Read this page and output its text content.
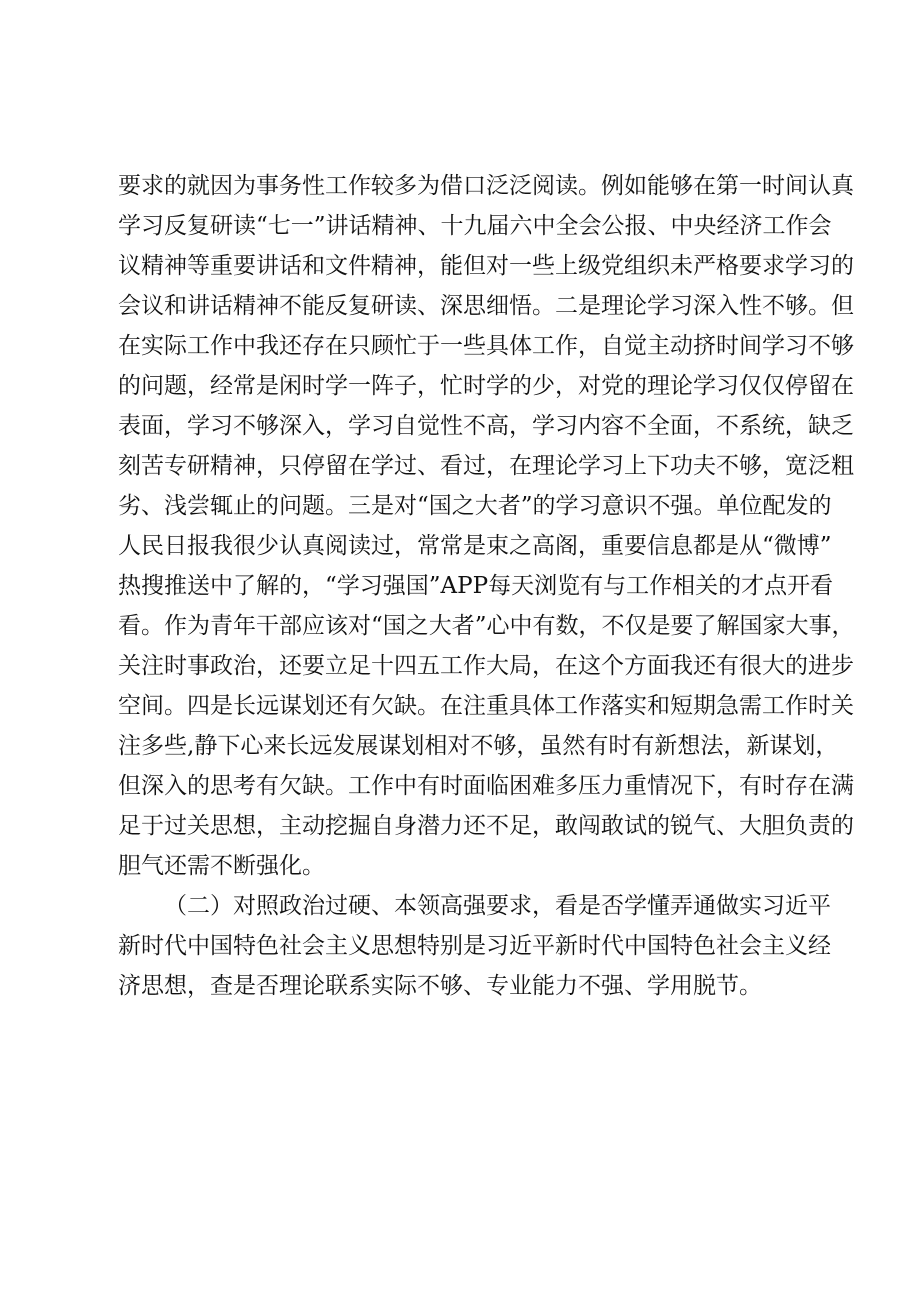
要 求 的 就 因 为 事 务 性 工 作 较 多 为 借 口 泛 泛 阅 读 。 例 如 能 够 在 第 一 时 间 认 真
学 习 反 复 研 读 “ 七 一 ” 讲 话 精 神 、 十 九 届 六 中 全 会 公 报 、 中 央 经 济 工 作 会
议 精 神 等 重 要 讲 话 和 文 件 精 神 ， 能 但 对 一 些 上 级 党 组 织 未 严 格 要 求 学 习 的
会 议 和 讲 话 精 神 不 能 反 复 研 读 、 深 思 细 悟 。 二 是 理 论 学 习 深 入 性 不 够 。 但
在 实 际 工 作 中 我 还 存 在 只 顾 忙 于 一 些 具 体 工 作 ， 自 觉 主 动 挤 时 间 学 习 不 够
的 问 题 ， 经 常 是 闲 时 学 一 阵 子 ， 忙 时 学 的 少 ， 对 党 的 理 论 学 习 仅 仅 停 留 在
表 面 ， 学 习 不 够 深 入 ， 学 习 自 觉 性 不 高 ， 学 习 内 容 不 全 面 ， 不 系 统 ， 缺 乏
刻 苦 专 研 精 神 ， 只 停 留 在 学 过 、 看 过 ， 在 理 论 学 习 上 下 功 夫 不 够 ， 宽 泛 粗
劣 、 浅 尝 辄 止 的 问 题 。 三 是 对 “ 国 之 大 者 ” 的 学 习 意 识 不 强 。 单 位 配 发 的
人 民 日 报 我 很 少 认 真 阅 读 过 ， 常 常 是 束 之 高 阁 ， 重 要 信 息 都 是 从 “ 微 博 ”
热 搜 推 送 中 了 解 的 ， “ 学 习 强 国 ” A P P 每 天 浏 览 有 与 工 作 相 关 的 才 点 开 看
看 。 作 为 青 年 干 部 应 该 对 “ 国 之 大 者 ” 心 中 有 数 ， 不 仅 是 要 了 解 国 家 大 事 ，
关 注 时 事 政 治 ， 还 要 立 足 十 四 五 工 作 大 局 ， 在 这 个 方 面 我 还 有 很 大 的 进 步
空 间 。 四 是 长 远 谋 划 还 有 欠 缺 。 在 注 重 具 体 工 作 落 实 和 短 期 急 需 工 作 时 关
注 多 些 , 静 下 心 来 长 远 发 展 谋 划 相 对 不 够 ， 虽 然 有 时 有 新 想 法 ， 新 谋 划 ，
但 深 入 的 思 考 有 欠 缺 。 工 作 中 有 时 面 临 困 难 多 压 力 重 情 况 下 ， 有 时 存 在 满
足 于 过 关 思 想 ， 主 动 挖 掘 自 身 潜 力 还 不 足 ， 敢 闯 敢 试 的 锐 气 、 大 胆 负 责 的
胆气还需不断强化。
（ 二 ） 对 照 政 治 过 硬 、 本 领 高 强 要 求 ， 看 是 否 学 懂 弄 通 做 实 习 近 平
新 时 代 中 国 特 色 社 会 主 义 思 想 特 别 是 习 近 平 新 时 代 中 国 特 色 社 会 主 义 经
济思想，查是否理论联系实际不够、专业能力不强、学用脱节。
